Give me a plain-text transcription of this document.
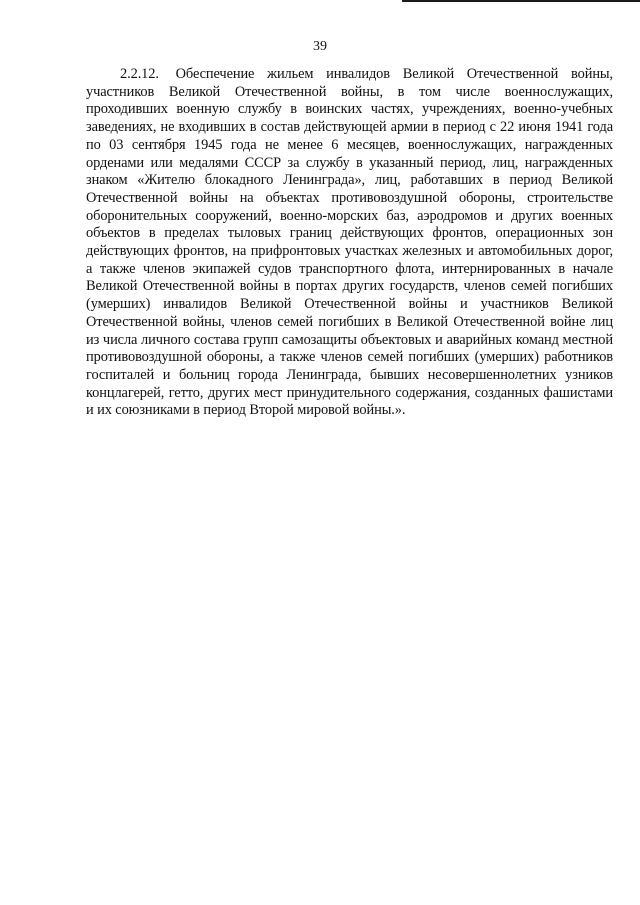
39

2.2.12. Обеспечение жильем инвалидов Великой Отечественной войны, участников Великой Отечественной войны, в том числе военнослужащих, проходивших военную службу в воинских частях, учреждениях, военно-учебных заведениях, не входивших в состав действующей армии в период с 22 июня 1941 года по 03 сентября 1945 года не менее 6 месяцев, военнослужащих, награжденных орденами или медалями СССР за службу в указанный период, лиц, награжденных знаком «Жителю блокадного Ленинграда», лиц, работавших в период Великой Отечественной войны на объектах противовоздушной обороны, строительстве оборонительных сооружений, военно-морских баз, аэродромов и других военных объектов в пределах тыловых границ действующих фронтов, операционных зон действующих фронтов, на прифронтовых участках железных и автомобильных дорог, а также членов экипажей судов транспортного флота, интернированных в начале Великой Отечественной войны в портах других государств, членов семей погибших (умерших) инвалидов Великой Отечественной войны и участников Великой Отечественной войны, членов семей погибших в Великой Отечественной войне лиц из числа личного состава групп самозащиты объектовых и аварийных команд местной противовоздушной обороны, а также членов семей погибших (умерших) работников госпиталей и больниц города Ленинграда, бывших несовершеннолетних узников концлагерей, гетто, других мест принудительного содержания, созданных фашистами и их союзниками в период Второй мировой войны.».
